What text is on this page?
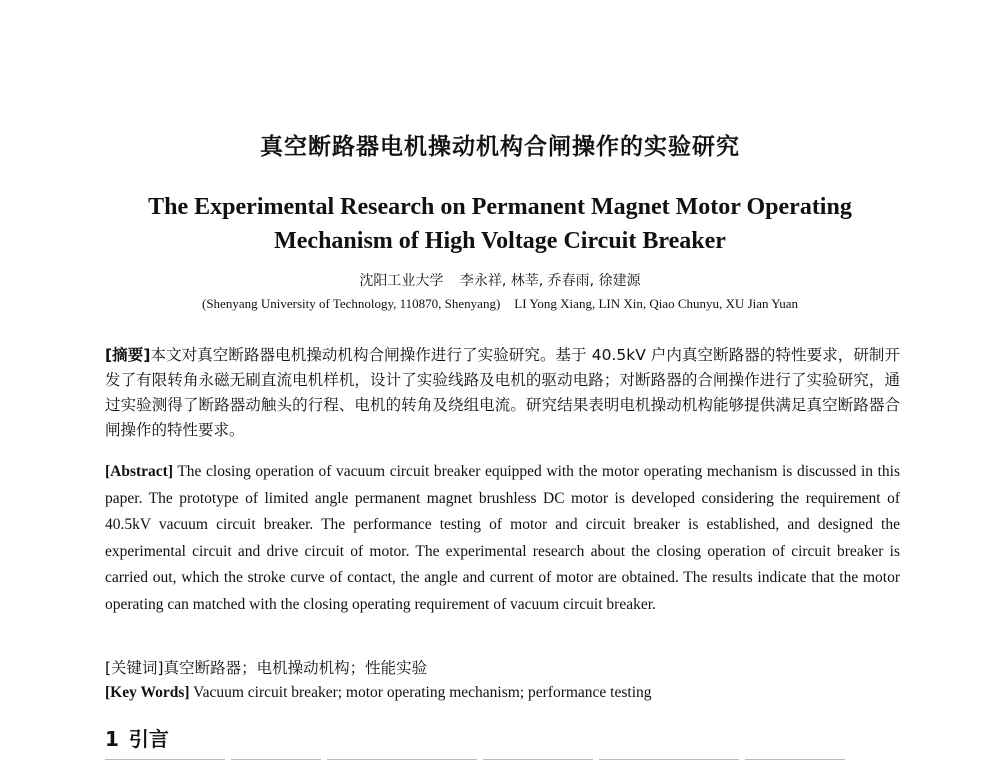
真空断路器电机操动机构合闸操作的实验研究
The Experimental Research on Permanent Magnet Motor Operating
Mechanism of High Voltage Circuit Breaker
沈阳工业大学 李永祥, 林莘, 乔春雨, 徐建源
(Shenyang University of Technology, 110870, Shenyang) LI Yong Xiang, LIN Xin, Qiao Chunyu, XU Jian Yuan
[摘要]本文对真空断路器电机操动机构合闸操作进行了实验研究。基于 40.5kV 户内真空断路器的特性要求，研制开发了有限转角永磁无刷直流电机样机，设计了实验线路及电机的驱动电路；对断路器的合闸操作进行了实验研究，通过实验测得了断路器动触头的行程、电机的转角及绕组电流。研究结果表明电机操动机构能够提供满足真空断路器合闸操作的特性要求。
[Abstract] The closing operation of vacuum circuit breaker equipped with the motor operating mechanism is discussed in this paper. The prototype of limited angle permanent magnet brushless DC motor is developed considering the requirement of 40.5kV vacuum circuit breaker. The performance testing of motor and circuit breaker is established, and designed the experimental circuit and drive circuit of motor. The experimental research about the closing operation of circuit breaker is carried out, which the stroke curve of contact, the angle and current of motor are obtained. The results indicate that the motor operating can matched with the closing operating requirement of vacuum circuit breaker.
[关键词]真空断路器；电机操动机构；性能实验
[Key Words] Vacuum circuit breaker; motor operating mechanism; performance testing
1 引言
